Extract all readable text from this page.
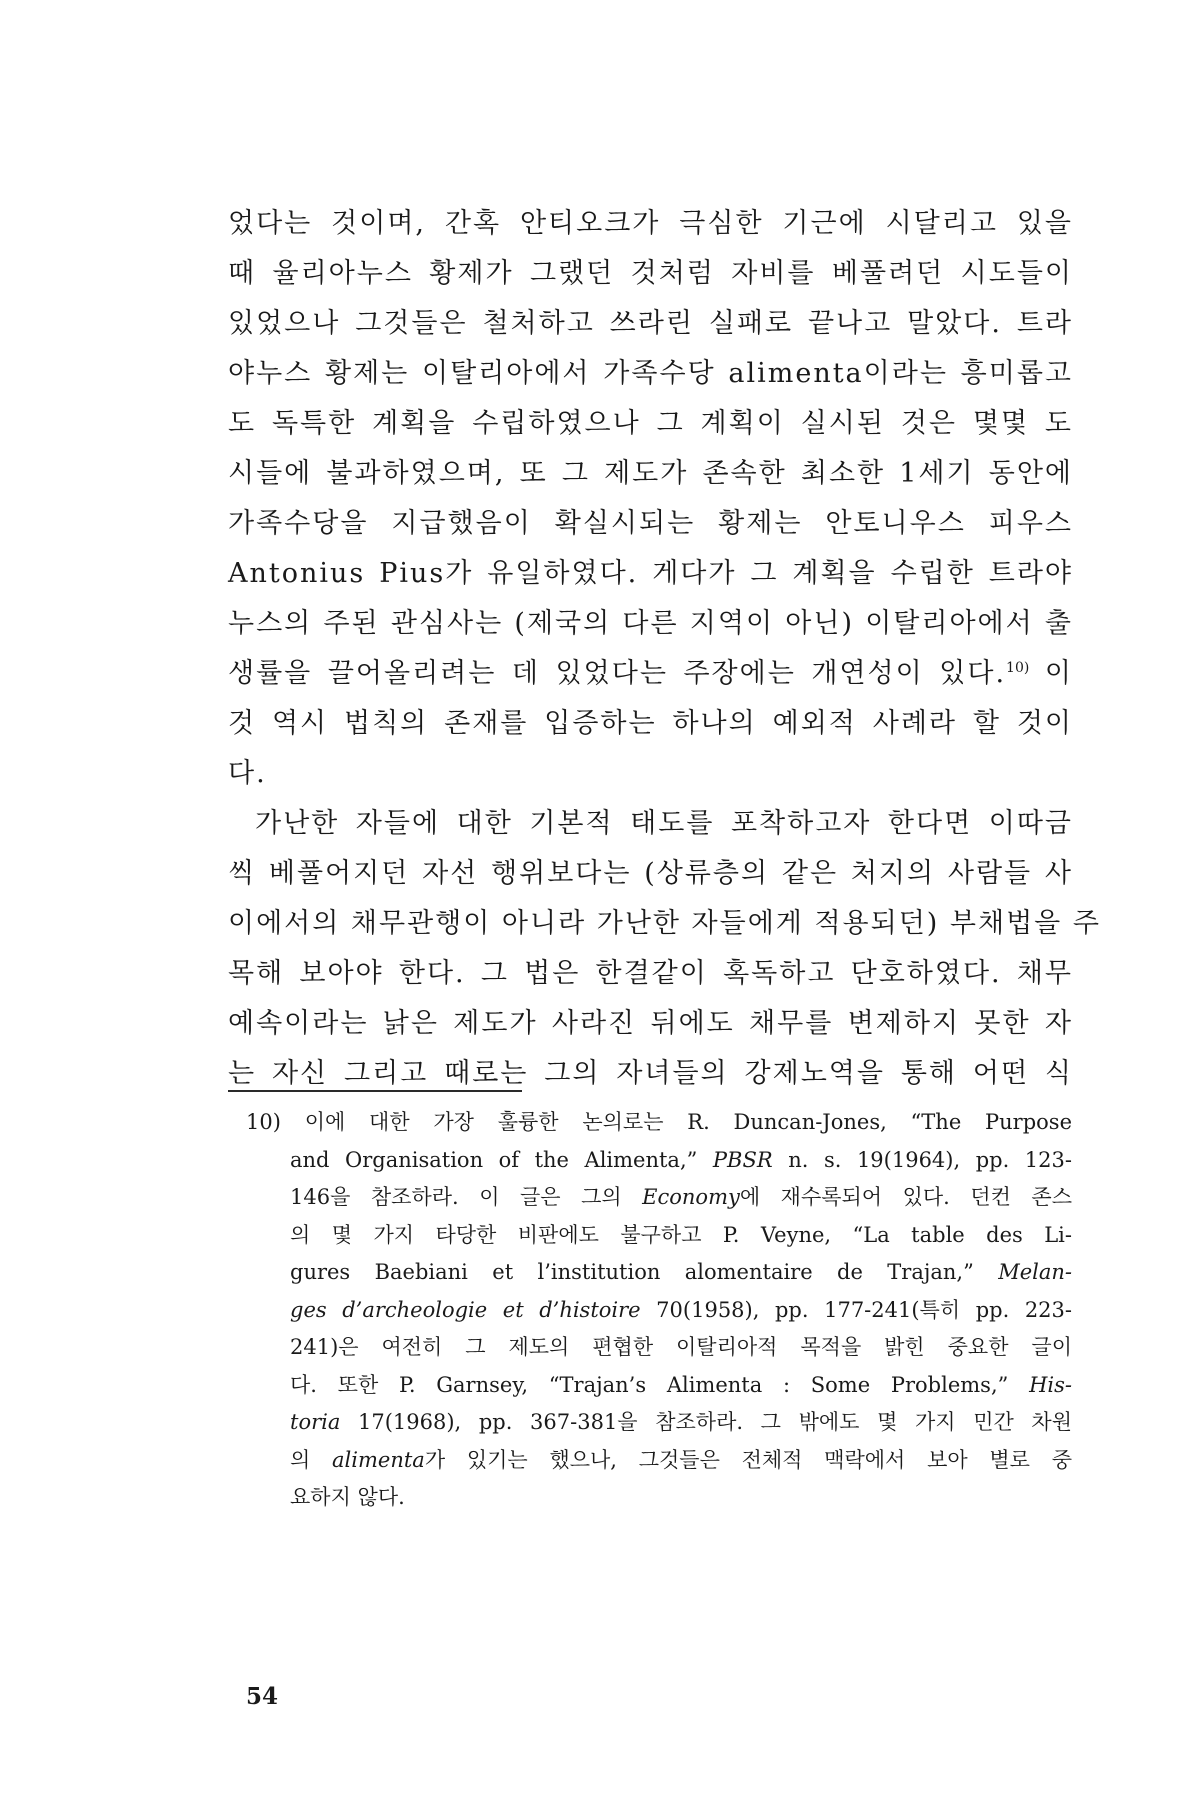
었다는 것이며, 간혹 안티오크가 극심한 기근에 시달리고 있을
때 율리아누스 황제가 그랬던 것처럼 자비를 베풀려던 시도들이
있었으나 그것들은 철처하고 쓰라린 실패로 끝나고 말았다. 트라
야누스 황제는 이탈리아에서 가족수당 alimenta이라는 흥미롭고
도 독특한 계획을 수립하였으나 그 계획이 실시된 것은 몇몇 도
시들에 불과하였으며, 또 그 제도가 존속한 최소한 1세기 동안에
가족수당을 지급했음이 확실시되는 황제는 안토니우스 피우스
Antonius Pius가 유일하였다. 게다가 그 계획을 수립한 트라야
누스의 주된 관심사는 (제국의 다른 지역이 아닌) 이탈리아에서 출
생률을 끌어올리려는 데 있었다는 주장에는 개연성이 있다.$^{10)}$ 이
것 역시 법칙의 존재를 입증하는 하나의 예외적 사례라 할 것이
다.
가난한 자들에 대한 기본적 태도를 포착하고자 한다면 이따금
씩 베풀어지던 자선 행위보다는 (상류층의 같은 처지의 사람들 사
이에서의 채무관행이 아니라 가난한 자들에게 적용되던) 부채법을 주
목해 보아야 한다. 그 법은 한결같이 혹독하고 단호하였다. 채무
예속이라는 낡은 제도가 사라진 뒤에도 채무를 변제하지 못한 자
는 자신 그리고 때로는 그의 자녀들의 강제노역을 통해 어떤 식
10) 이에 대한 가장 훌륭한 논의로는 R. Duncan-Jones, “The Purpose
and Organisation of the Alimenta,” PBSR n. s. 19(1964), pp. 123-
146을 참조하라. 이 글은 그의 Economy에 재수록되어 있다. 던컨 존스
의 몇 가지 타당한 비판에도 불구하고 P. Veyne, “La table des Li-
gures Baebiani et l’institution alomentaire de Trajan,” Melan-
ges d’archeologie et d’histoire 70(1958), pp. 177-241(특히 pp. 223-
241)은 여전히 그 제도의 편협한 이탈리아적 목적을 밝힌 중요한 글이
다. 또한 P. Garnsey, “Trajan’s Alimenta : Some Problems,” His-
toria 17(1968), pp. 367-381을 참조하라. 그 밖에도 몇 가지 민간 차원
의 alimenta가 있기는 했으나, 그것들은 전체적 맥락에서 보아 별로 중
요하지 않다.
54
